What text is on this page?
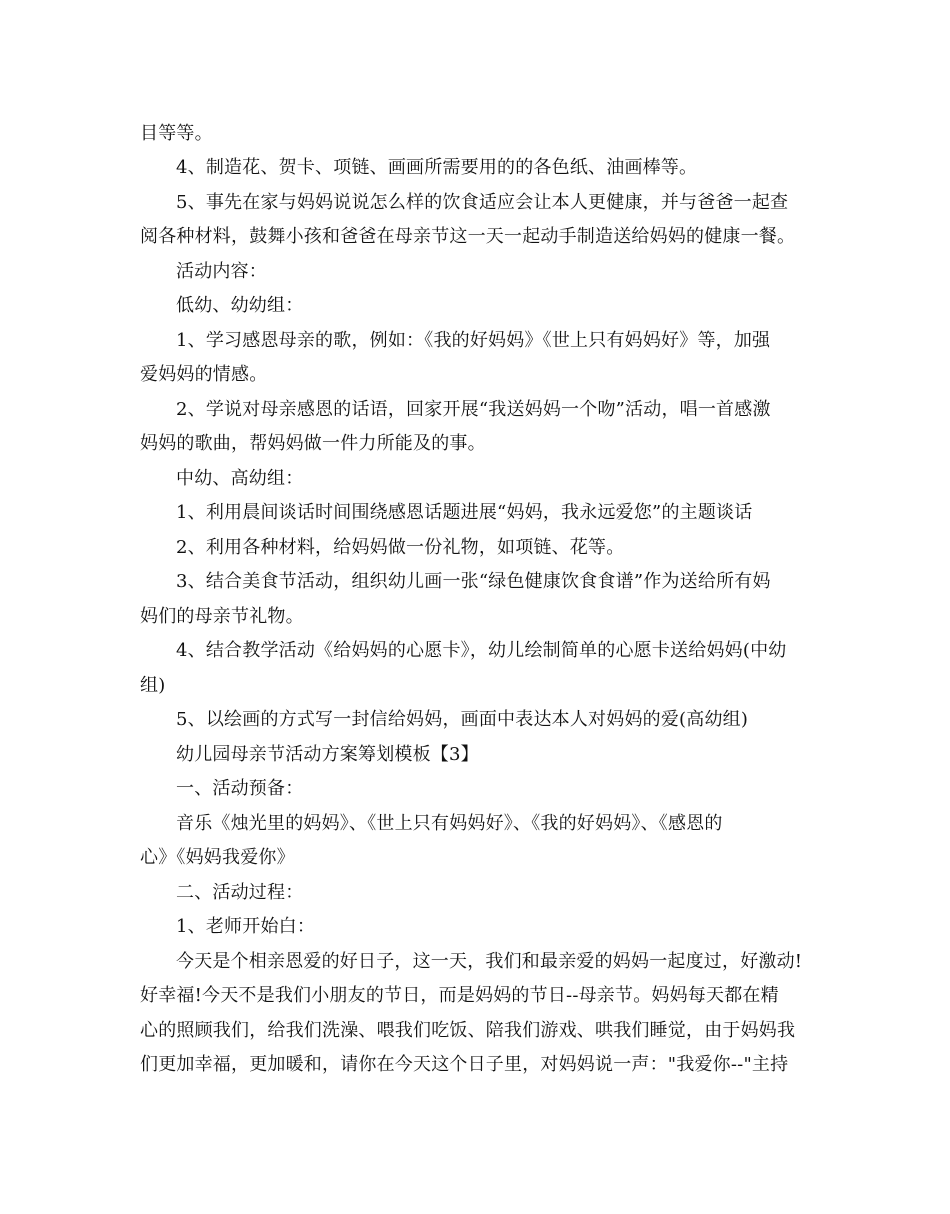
目等等。
4、制造花、贺卡、项链、画画所需要用的的各色纸、油画棒等。
5、事先在家与妈妈说说怎么样的饮食适应会让本人更健康，并与爸爸一起查
阅各种材料，鼓舞小孩和爸爸在母亲节这一天一起动手制造送给妈妈的健康一餐。
活动内容：
低幼、幼幼组：
1、学习感恩母亲的歌，例如：《我的好妈妈》《世上只有妈妈好》等，加强
爱妈妈的情感。
2、学说对母亲感恩的话语，回家开展“我送妈妈一个吻”活动，唱一首感激
妈妈的歌曲，帮妈妈做一件力所能及的事。
中幼、高幼组：
1、利用晨间谈话时间围绕感恩话题进展“妈妈，我永远爱您”的主题谈话
2、利用各种材料，给妈妈做一份礼物，如项链、花等。
3、结合美食节活动，组织幼儿画一张“绿色健康饮食食谱”作为送给所有妈
妈们的母亲节礼物。
4、结合教学活动《给妈妈的心愿卡》，幼儿绘制简单的心愿卡送给妈妈(中幼
组)
5、以绘画的方式写一封信给妈妈，画面中表达本人对妈妈的爱(高幼组)
幼儿园母亲节活动方案筹划模板【3】
一、活动预备：
音乐《烛光里的妈妈》、《世上只有妈妈好》、《我的好妈妈》、《感恩的
心》《妈妈我爱你》
二、活动过程：
1、老师开始白：
今天是个相亲恩爱的好日子，这一天，我们和最亲爱的妈妈一起度过，好激动!
好幸福!今天不是我们小朋友的节日，而是妈妈的节日--母亲节。妈妈每天都在精
心的照顾我们，给我们洗澡、喂我们吃饭、陪我们游戏、哄我们睡觉，由于妈妈我
们更加幸福，更加暖和，请你在今天这个日子里，对妈妈说一声："我爱你--"主持
